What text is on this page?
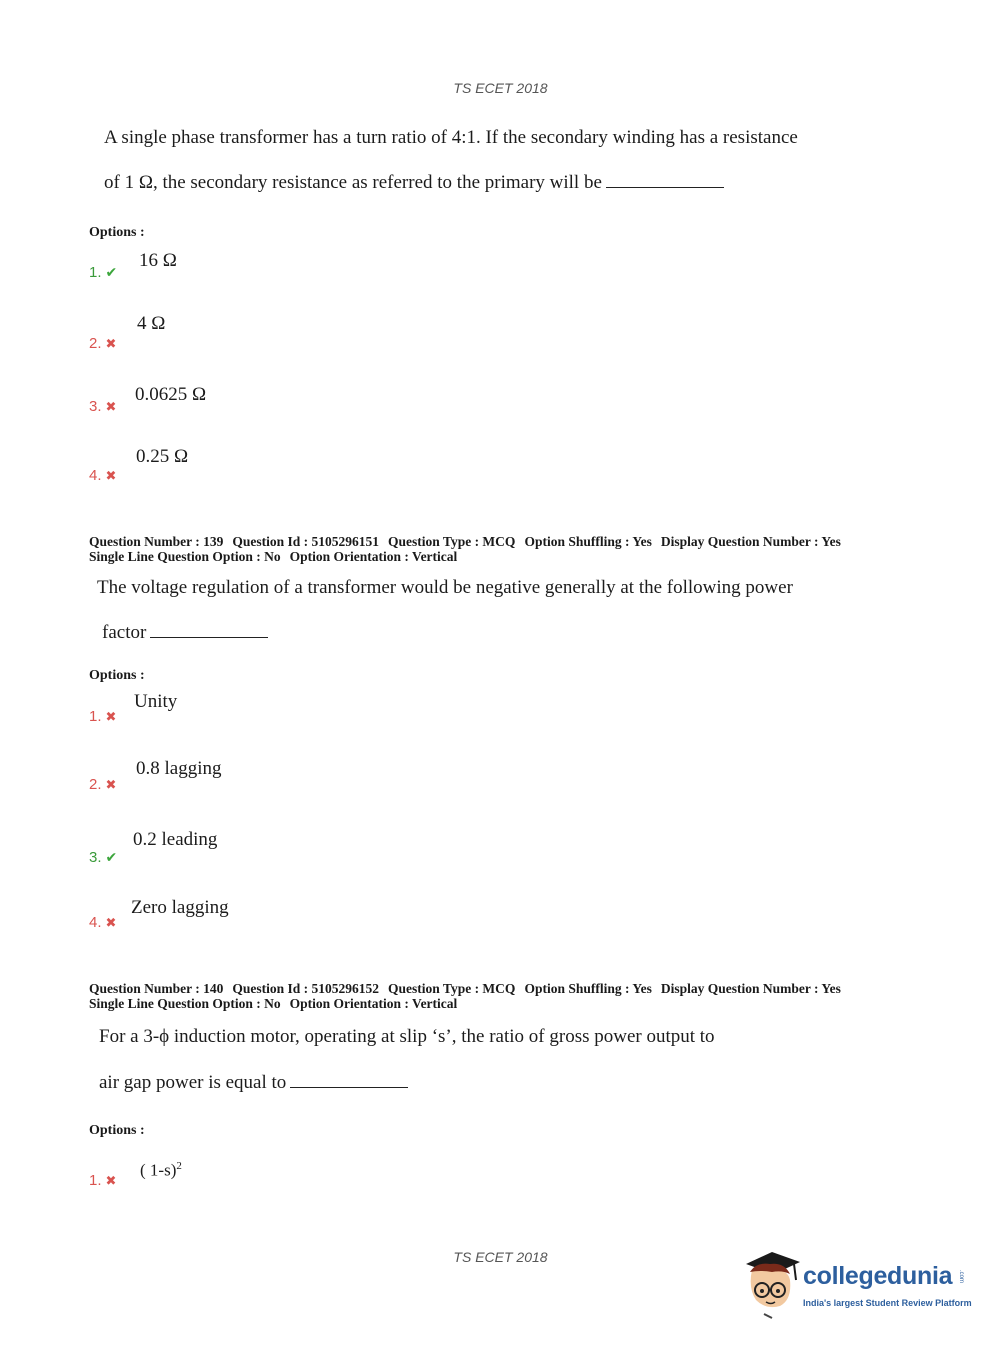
TS ECET 2018
A single phase transformer has a turn ratio of 4:1. If the secondary winding has a resistance
of 1 Ω, the secondary resistance as referred to the primary will be
Options :
1. ✔
16 Ω
2. ✖
4 Ω
3. ✖
0.0625 Ω
4. ✖
0.25 Ω
Question Number : 139 Question Id : 5105296151 Question Type : MCQ Option Shuffling : Yes Display Question Number : Yes
Single Line Question Option : No Option Orientation : Vertical
The voltage regulation of a transformer would be negative generally at the following power
factor
Options :
1. ✖
Unity
2. ✖
0.8 lagging
3. ✔
0.2 leading
4. ✖
Zero lagging
Question Number : 140 Question Id : 5105296152 Question Type : MCQ Option Shuffling : Yes Display Question Number : Yes
Single Line Question Option : No Option Orientation : Vertical
For a 3-ϕ induction motor, operating at slip ‘s’, the ratio of gross power output to
air gap power is equal to
Options :
1. ✖
( 1-s)$^2$
TS ECET 2018
collegedunia .com
India's largest Student Review Platform
